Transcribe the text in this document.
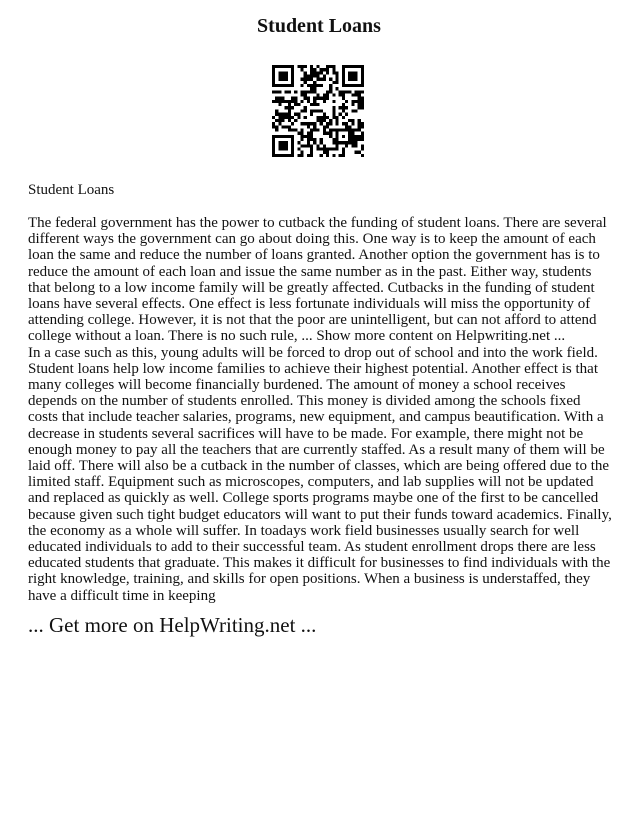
Student Loans
Student Loans

The federal government has the power to cutback the funding of student loans. There are several different ways the government can go about doing this. One way is to keep the amount of each loan the same and reduce the number of loans granted. Another option the government has is to reduce the amount of each loan and issue the same number as in the past. Either way, students that belong to a low income family will be greatly affected. Cutbacks in the funding of student loans have several effects. One effect is less fortunate individuals will miss the opportunity of attending college. However, it is not that the poor are unintelligent, but can not afford to attend college without a loan. There is no such rule, ... Show more content on Helpwriting.net ...

In a case such as this, young adults will be forced to drop out of school and into the work field. Student loans help low income families to achieve their highest potential. Another effect is that many colleges will become financially burdened. The amount of money a school receives depends on the number of students enrolled. This money is divided among the schools fixed costs that include teacher salaries, programs, new equipment, and campus beautification. With a decrease in students several sacrifices will have to be made. For example, there might not be enough money to pay all the teachers that are currently staffed. As a result many of them will be laid off. There will also be a cutback in the number of classes, which are being offered due to the limited staff. Equipment such as microscopes, computers, and lab supplies will not be updated and replaced as quickly as well. College sports programs maybe one of the first to be cancelled because given such tight budget educators will want to put their funds toward academics. Finally, the economy as a whole will suffer. In toadays work field businesses usually search for well educated individuals to add to their successful team. As student enrollment drops there are less educated students that graduate. This makes it difficult for businesses to find individuals with the right knowledge, training, and skills for open positions. When a business is understaffed, they have a difficult time in keeping

... Get more on HelpWriting.net ...
